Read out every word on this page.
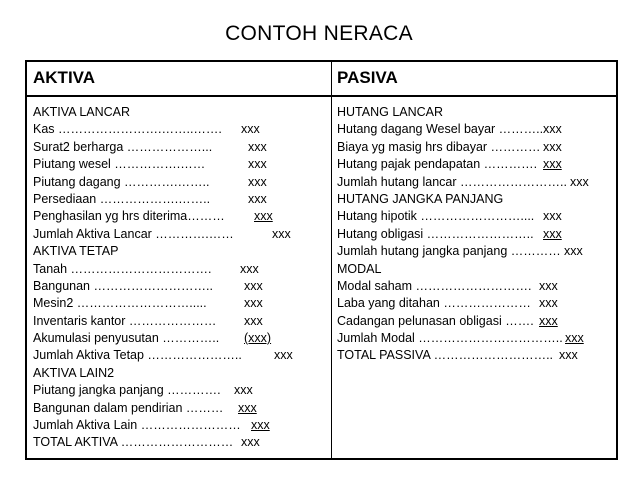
CONTOH NERACA
AKTIVA	PASIVA
AKTIVA LANCAR
Kas …………………….……..……. xxx
Surat2 berharga ………………...	xxx
Piutang wesel …………….……	xxx
Piutang dagang ………….……..	xxx
Persediaan ……………….……..	xxx
Penghasilan yg hrs diterima……… xxx
Jumlah Aktiva Lancar ………….……	xxx
AKTIVA TETAP
Tanah ……………………………. xxx
Bangunan ……………………….. xxx
Mesin2 ……………………….....	xxx
Inventaris kantor ………………… xxx
Akumulasi penyusutan ………….. (xxx)
Jumlah Aktiva Tetap …………………..	xxx
AKTIVA LAIN2
Piutang jangka panjang …………. xxx
Bangunan dalam pendirian ……… xxx
Jumlah Aktiva Lain …………………… xxx
TOTAL AKTIVA ……………………… xxx
HUTANG LANCAR
Hutang dagang Wesel bayar ……….. xxx
Biaya yg masig hrs dibayar ………… xxx
Hutang pajak pendapatan …………. xxx
Jumlah hutang lancar …………………….. xxx
HUTANG JANGKA PANJANG
Hutang hipotik …………………….... xxx
Hutang obligasi …………………….. xxx
Jumlah hutang jangka panjang ………… xxx
MODAL
Modal saham ………………………. xxx
Laba yang ditahan ………………… xxx
Cadangan pelunasan obligasi ……. xxx
Jumlah Modal …………………………….. xxx
TOTAL PASSIVA ……………………….. xxx
